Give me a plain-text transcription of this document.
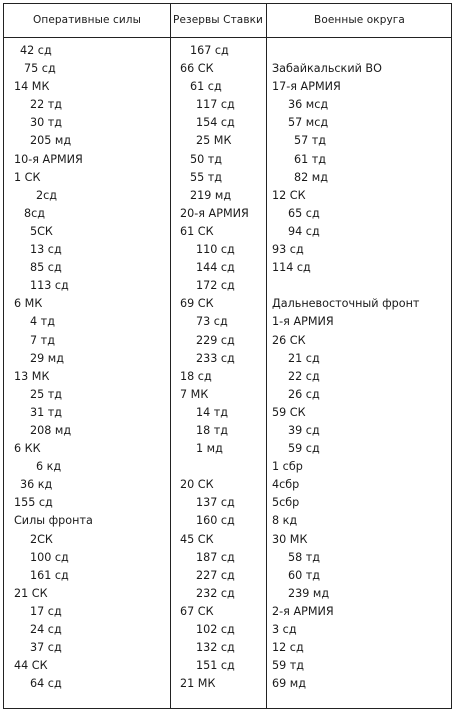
Оперативные силы	Резервы Ставки	Военные округа
42 сд
75 сд
14 МК
22 тд
30 тд
205 мд
10-я АРМИЯ
1 СК
2сд
8сд
5СК
13 сд
85 сд
113 сд
6 МК
4 тд
7 тд
29 мд
13 МК
25 тд
31 тд
208 мд
6 КК
6 кд
36 кд
155 сд
Силы фронта
2СК
100 сд
161 сд
21 СК
17 сд
24 сд
37 сд
44 СК
64 сд
167 сд
66 СК
61 сд
117 сд
154 сд
25 МК
50 тд
55 тд
219 мд
20-я АРМИЯ
61 СК
110 сд
144 сд
172 сд
69 СК
73 сд
229 сд
233 сд
18 сд
7 МК
14 тд
18 тд
1 мд
20 СК
137 сд
160 сд
45 СК
187 сд
227 сд
232 сд
67 СК
102 сд
132 сд
151 сд
21 МК
Забайкальский ВО
17-я АРМИЯ
36 мсд
57 мсд
57 тд
61 тд
82 мд
12 СК
65 сд
94 сд
93 сд
114 сд
Дальневосточный фронт
1-я АРМИЯ
26 СК
21 сд
22 сд
26 сд
59 СК
39 сд
59 сд
1 сбр
4сбр
5сбр
8 кд
30 МК
58 тд
60 тд
239 мд
2-я АРМИЯ
3 сд
12 сд
59 тд
69 мд
